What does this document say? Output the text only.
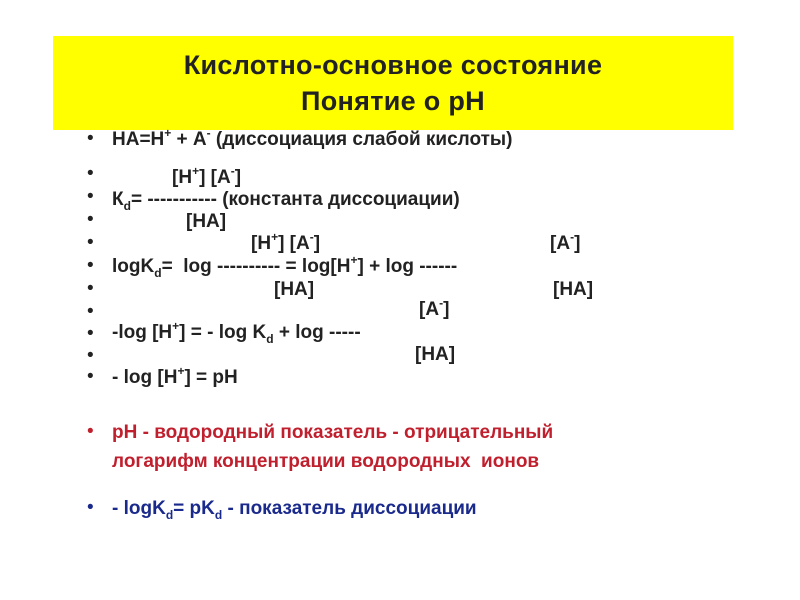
Кислотно-основное состояние
Понятие о рН
•
•
•
•
•
•
•
•
•
•
•
•
•
НА=Н+ + А- (диссоциация слабой кислоты)
[Н+] [А-]
$К_d=$ ----------- (константа диссоциации)
[НА]
[Н+] [А-]	[А-]
logK$_d$=  log ---------- = log[Н+] + log ------
[НА]	[НА]
[А-]
-log [Н+] = - $\log K_d + \log$ -----
[НА]
- log [Н+] = рН
рН - водородный показатель - отрицательный
логарифм концентрации водородных  ионов
- $\log K_d= рK_d$ - показатель диссоциации
